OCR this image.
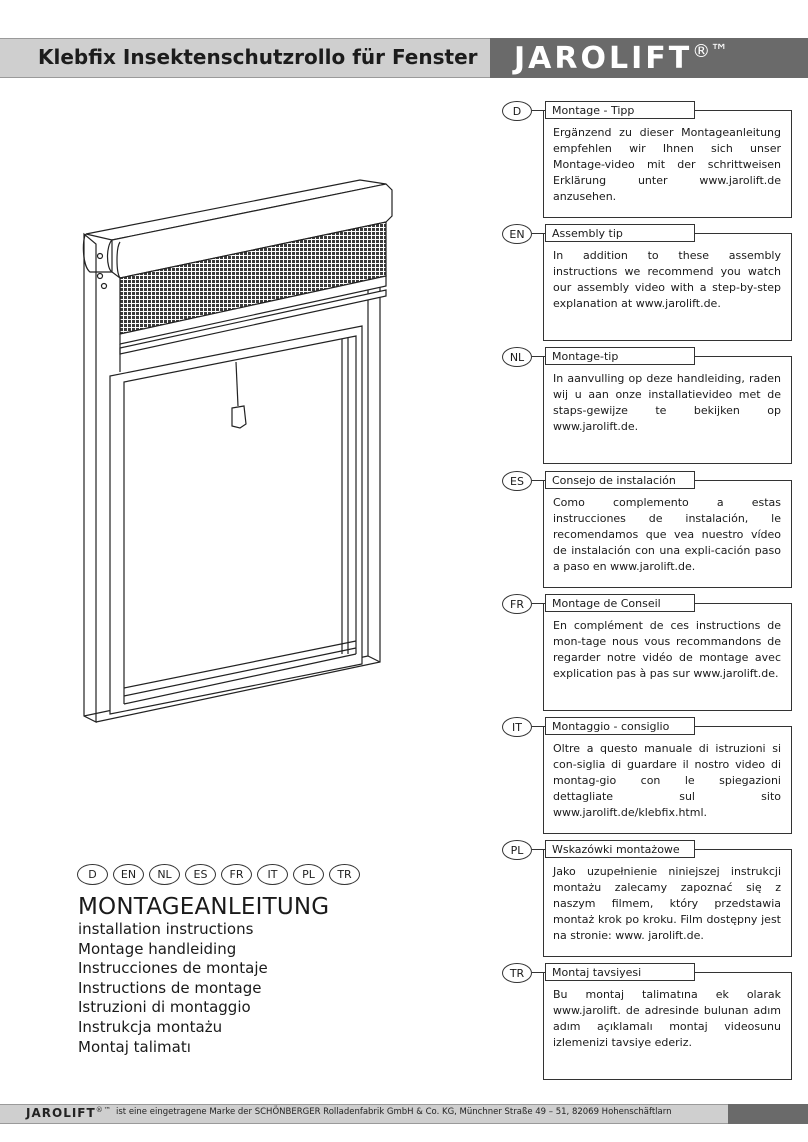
Klebfix Insektenschutzrollo für Fenster JAROLIFT®™
D	EN	NL	ES	FR	IT	PL	TR
MONTAGEANLEITUNG
installation instructions
Montage handleiding
Instrucciones de montaje
Instructions de montage
Istruzioni di montaggio
Instrukcja montażu
Montaj talimatı
D	Montage - Tipp
Ergänzend zu dieser Montageanleitung empfehlen wir Ihnen sich unser Montage-video mit der schrittweisen Erklärung unter www.jarolift.de anzusehen.
EN	Assembly tip
In addition to these assembly instructions we recommend you watch our assembly video with a step-by-step explanation at www.jarolift.de.
NL	Montage-tip
In aanvulling op deze handleiding, raden wij u aan onze installatievideo met de staps-gewijze te bekijken op www.jarolift.de.
ES	Consejo de instalación
Como complemento a estas instrucciones de instalación, le recomendamos que vea nuestro vídeo de instalación con una expli-cación paso a paso en www.jarolift.de.
FR	Montage de Conseil
En complément de ces instructions de mon-tage nous vous recommandons de regarder notre vidéo de montage avec explication pas à pas sur www.jarolift.de.
IT	Montaggio - consiglio
Oltre a questo manuale di istruzioni si con-siglia di guardare il nostro video di montag-gio con le spiegazioni dettagliate sul sito www.jarolift.de/klebfix.html.
PL	Wskazówki montażowe
Jako uzupełnienie niniejszej instrukcji montażu zalecamy zapoznać się z naszym filmem, który przedstawia montaż krok po kroku. Film dostępny jest na stronie: www. jarolift.de.
TR	Montaj tavsiyesi
Bu montaj talimatına ek olarak www.jarolift. de adresinde bulunan adım adım açıklamalı montaj videosunu izlemenizi tavsiye ederiz.
JAROLIFT®™ ist eine eingetragene Marke der SCHÖNBERGER Rolladenfabrik GmbH & Co. KG, Münchner Straße 49 – 51, 82069 Hohenschäftlarn
